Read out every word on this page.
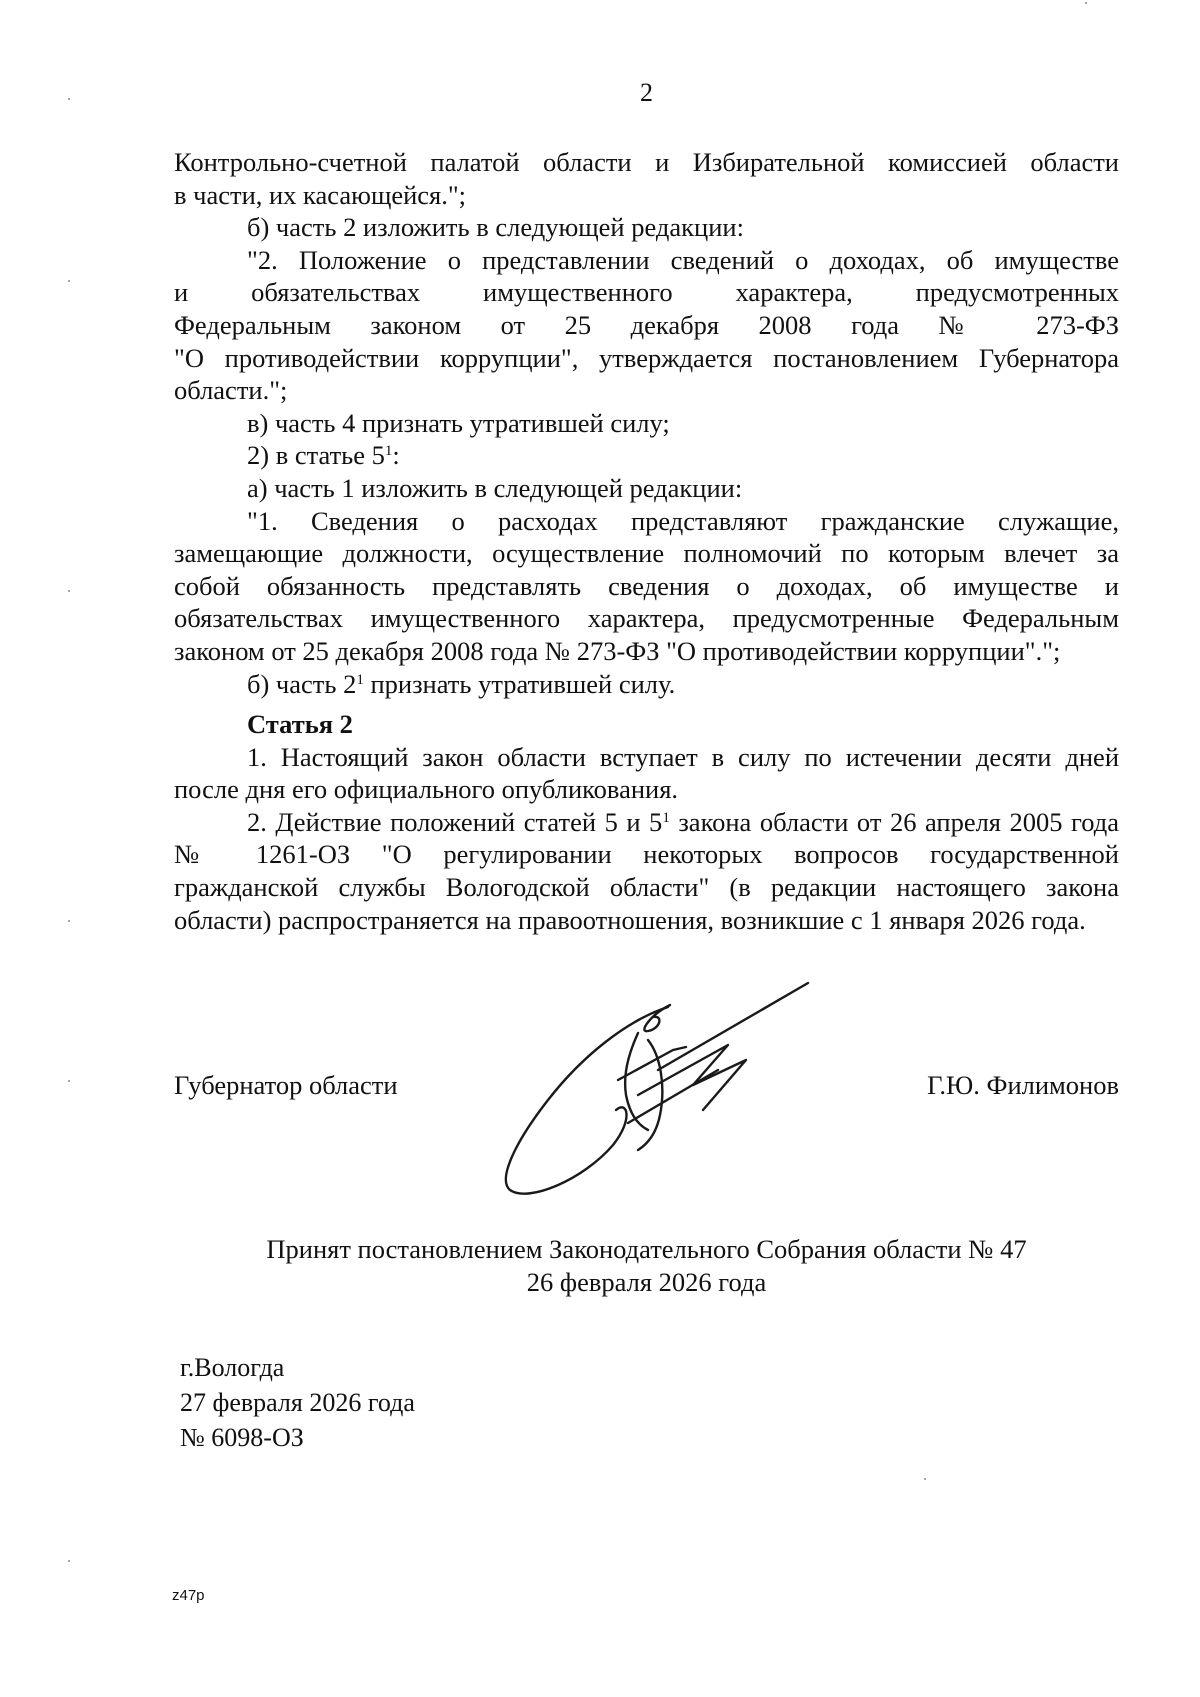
2

Контрольно-счетной палатой области и Избирательной комиссией области

в части, их касающейся.";

б) часть 2 изложить в следующей редакции:

"2. Положение о представлении сведений о доходах, об имуществе

и обязательствах имущественного характера, предусмотренных

Федеральным законом от 25 декабря 2008 года № 273-ФЗ

"О противодействии коррупции", утверждается постановлением Губернатора

области.";

в) часть 4 признать утратившей силу;

2) в статье $5^1$:

а) часть 1 изложить в следующей редакции:

"1. Сведения о расходах представляют гражданские служащие,

замещающие должности, осуществление полномочий по которым влечет за

собой обязанность представлять сведения о доходах, об имуществе и

обязательствах имущественного характера, предусмотренные Федеральным

законом от 25 декабря 2008 года № 273-ФЗ "О противодействии коррупции".";

б) часть $2^1$ признать утратившей силу.

Статья 2

1. Настоящий закон области вступает в силу по истечении десяти дней

после дня его официального опубликования.

2. Действие положений статей 5 и $5^1$ закона области от 26 апреля 2005 года

№ 1261-ОЗ "О регулировании некоторых вопросов государственной

гражданской службы Вологодской области" (в редакции настоящего закона

области) распространяется на правоотношения, возникшие с 1 января 2026 года.

Губернатор области	Г.Ю. Филимонов

Принят постановлением Законодательного Собрания области № 47

26 февраля 2026 года

г.Вологда

27 февраля 2026 года

№ 6098-ОЗ

z47p
